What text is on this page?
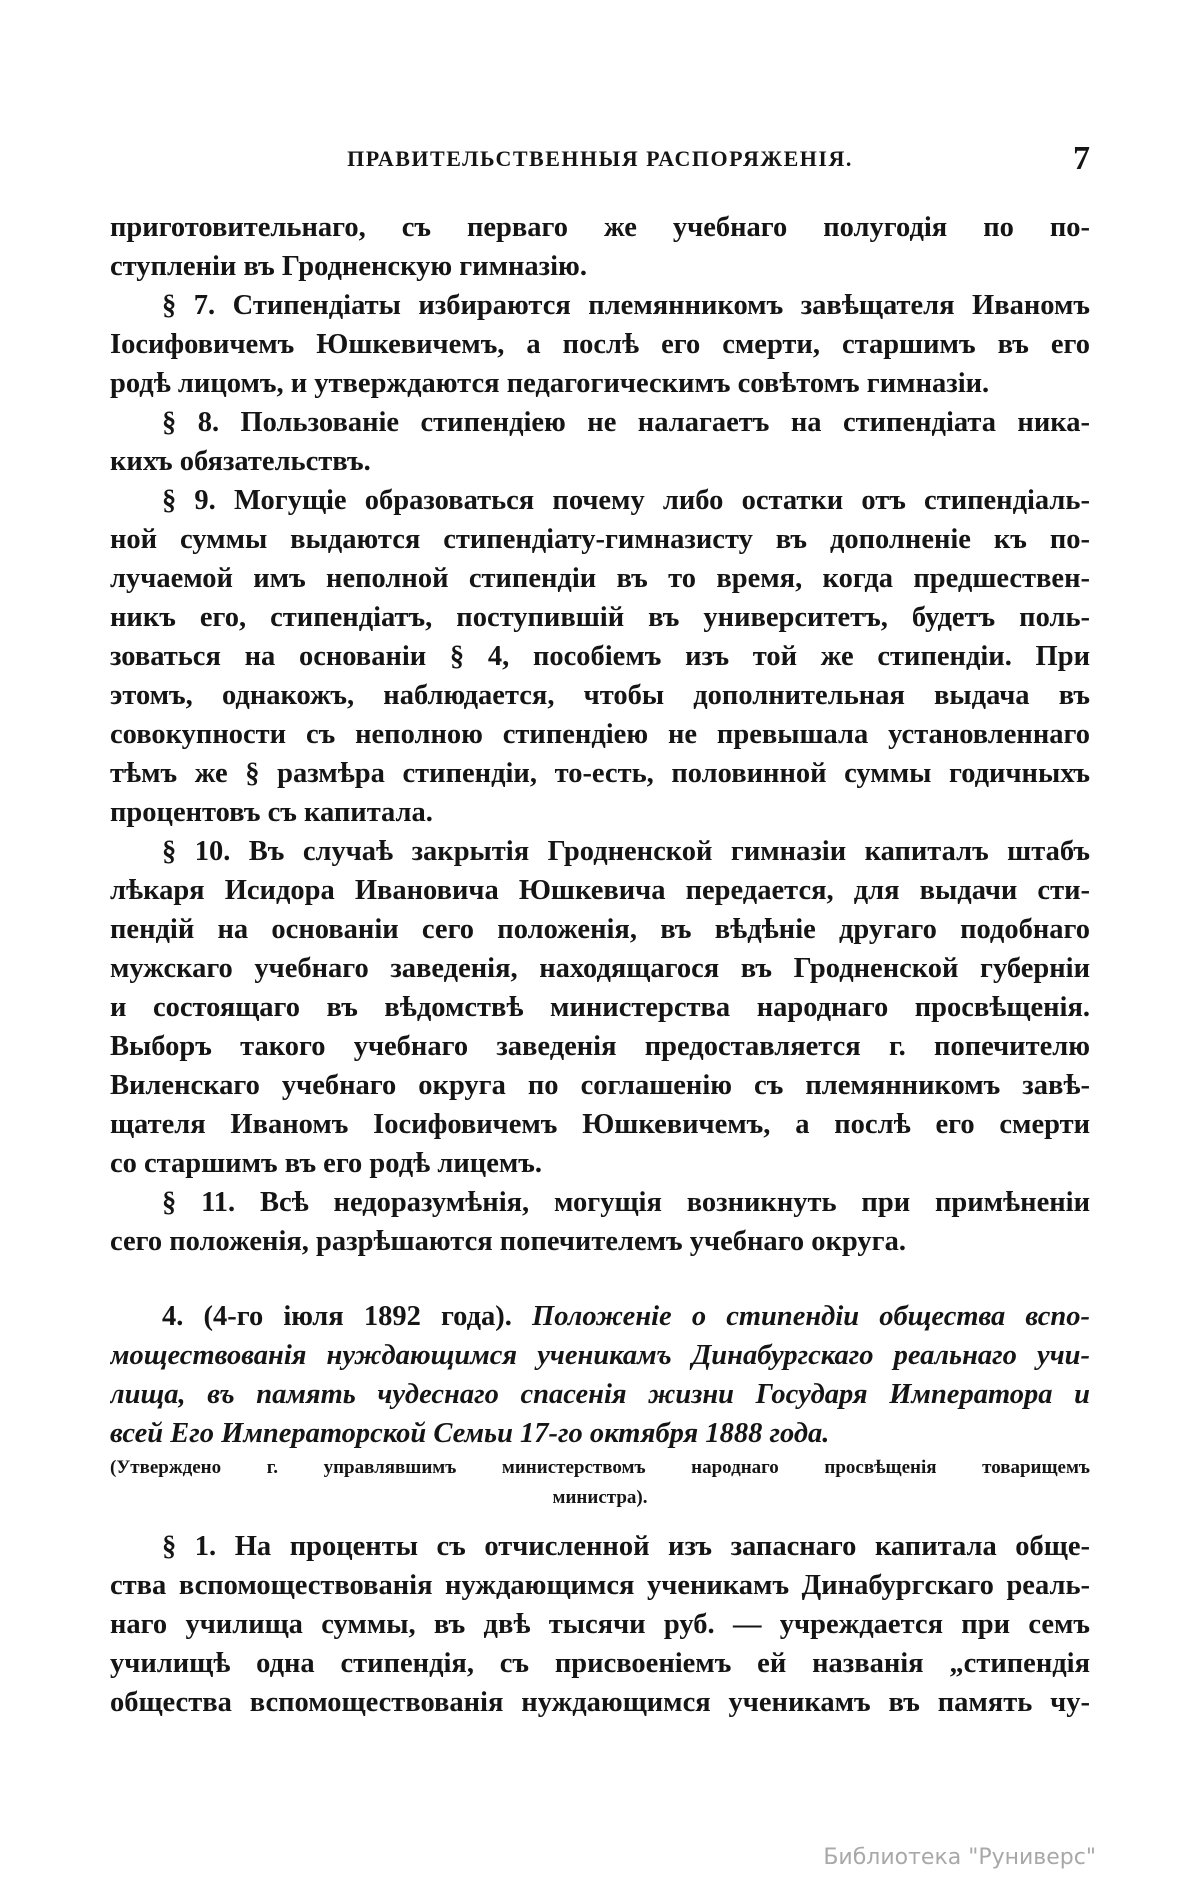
ПРАВИТЕЛЬСТВЕННЫЯ РАСПОРЯЖЕНІЯ.	7
приготовительнаго, съ перваго же учебнаго полугодія по по-
ступленіи въ Гродненскую гимназію.
§ 7. Стипендіаты избираются племянникомъ завѣщателя Иваномъ
Іосифовичемъ Юшкевичемъ, а послѣ его смерти, старшимъ въ его
родѣ лицомъ, и утверждаются педагогическимъ совѣтомъ гимназіи.
§ 8. Пользованіе стипендіею не налагаетъ на стипендіата ника-
кихъ обязательствъ.
§ 9. Могущіе образоваться почему либо остатки отъ стипендіаль-
ной суммы выдаются стипендіату-гимназисту въ дополненіе къ по-
лучаемой имъ неполной стипендіи въ то время, когда предшествен-
никъ его, стипендіатъ, поступившій въ университетъ, будетъ поль-
зоваться на основаніи § 4, пособіемъ изъ той же стипендіи. При
этомъ, однакожъ, наблюдается, чтобы дополнительная выдача въ
совокупности съ неполною стипендіею не превышала установленнаго
тѣмъ же § размѣра стипендіи, то-есть, половинной суммы годичныхъ
процентовъ съ капитала.
§ 10. Въ случаѣ закрытія Гродненской гимназіи капиталъ штабъ
лѣкаря Исидора Ивановича Юшкевича передается, для выдачи сти-
пендій на основаніи сего положенія, въ вѣдѣніе другаго подобнаго
мужскаго учебнаго заведенія, находящагося въ Гродненской губерніи
и состоящаго въ вѣдомствѣ министерства народнаго просвѣщенія.
Выборъ такого учебнаго заведенія предоставляется г. попечителю
Виленскаго учебнаго округа по соглашенію съ племянникомъ завѣ-
щателя Иваномъ Іосифовичемъ Юшкевичемъ, а послѣ его смерти
со старшимъ въ его родѣ лицемъ.
§ 11. Всѣ недоразумѣнія, могущія возникнуть при примѣненіи
сего положенія, разрѣшаются попечителемъ учебнаго округа.
4. (4-го іюля 1892 года). Положеніе о стипендіи общества вспо-
моществованія нуждающимся ученикамъ Динабургскаго реальнаго учи-
лища, въ память чудеснаго спасенія жизни Государя Императора и
всей Его Императорской Семьи 17-го октября 1888 года.
(Утверждено г. управлявшимъ министерствомъ народнаго просвѣщенія товарищемъ
министра).
§ 1. На проценты съ отчисленной изъ запаснаго капитала обще-
ства вспомоществованія нуждающимся ученикамъ Динабургскаго реаль-
наго училища суммы, въ двѣ тысячи руб. — учреждается при семъ
училищѣ одна стипендія, съ присвоеніемъ ей названія „стипендія
общества вспомоществованія нуждающимся ученикамъ въ память чу-
Библиотека "Руниверс"
